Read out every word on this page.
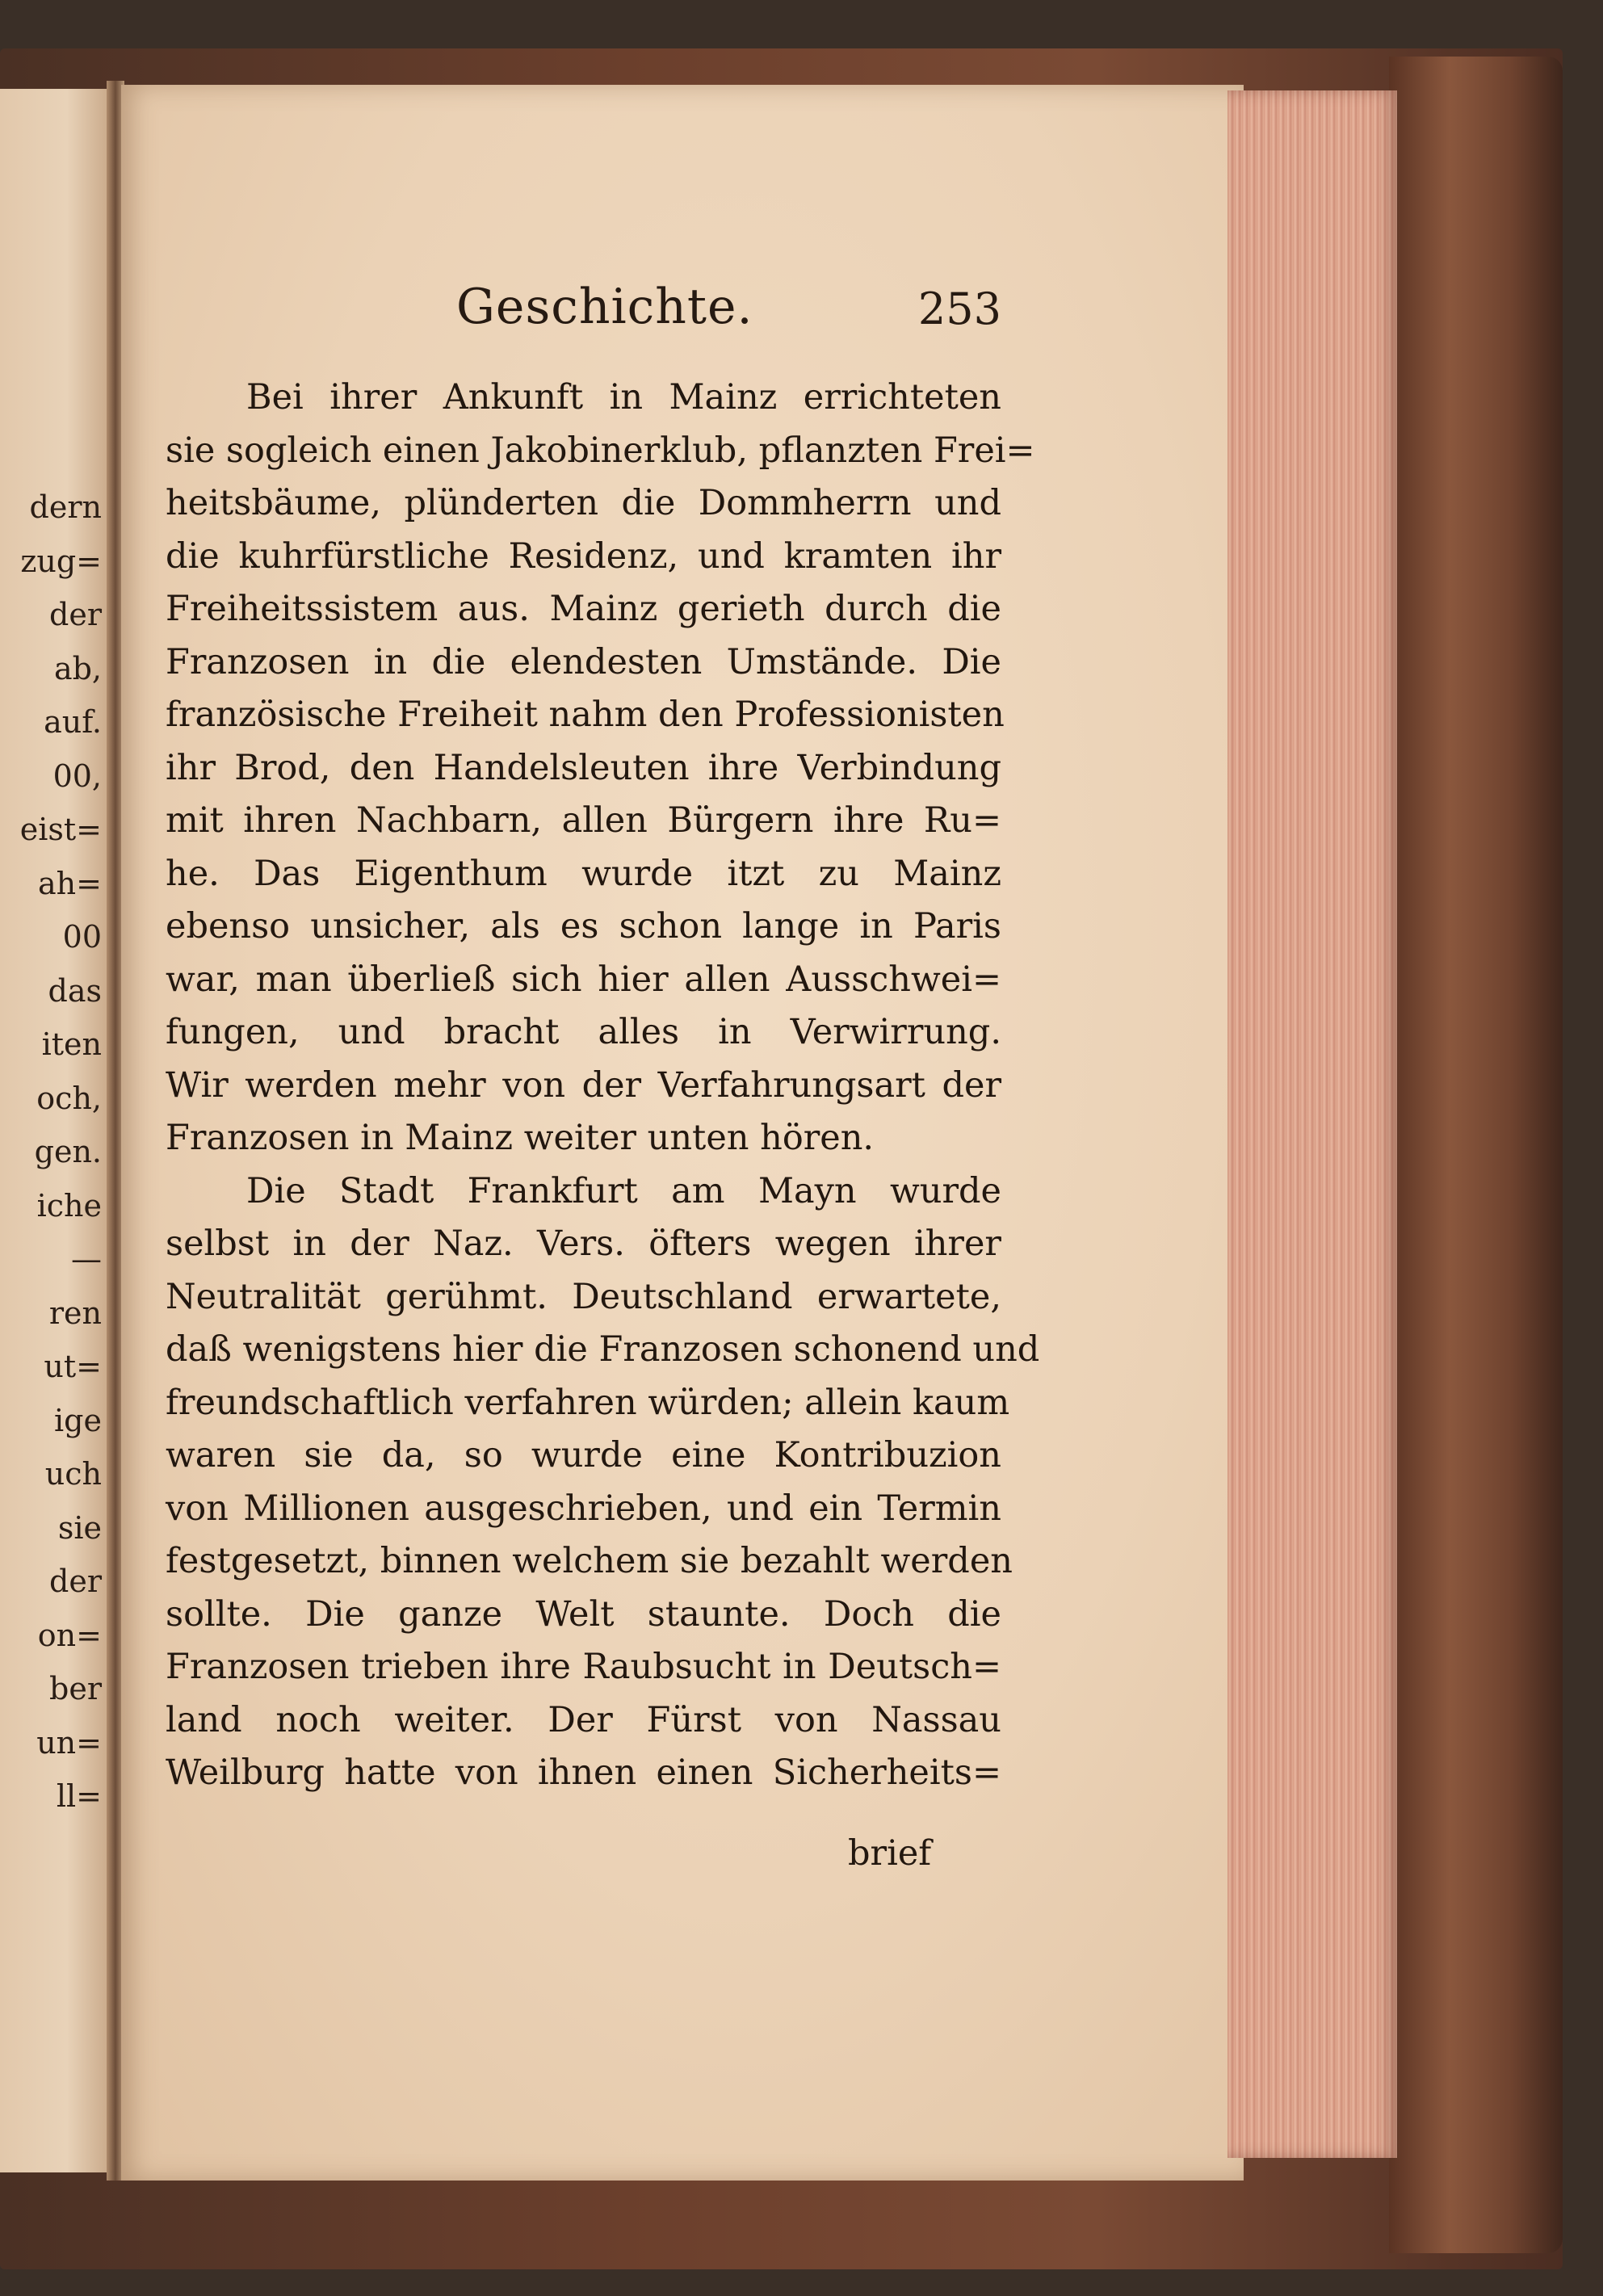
dern
zug=
der
ab,
auf.
00,
eist=
ah=
00
das
iten
och,
gen.
iche
—
ren
ut=
ige
uch
sie
der
on=
ber
un=
ll=
Geschichte.	253
Bei ihrer Ankunft in Mainz errichteten
sie sogleich einen Jakobinerklub, pflanzten Frei=
heitsbäume, plünderten die Dommherrn und
die kuhrfürstliche Residenz, und kramten ihr
Freiheitssistem aus. Mainz gerieth durch die
Franzosen in die elendesten Umstände. Die
französische Freiheit nahm den Professionisten
ihr Brod, den Handelsleuten ihre Verbindung
mit ihren Nachbarn, allen Bürgern ihre Ru=
he. Das Eigenthum wurde itzt zu Mainz
ebenso unsicher, als es schon lange in Paris
war, man überließ sich hier allen Ausschwei=
fungen, und bracht alles in Verwirrung.
Wir werden mehr von der Verfahrungsart der
Franzosen in Mainz weiter unten hören.
Die Stadt Frankfurt am Mayn wurde
selbst in der Naz. Vers. öfters wegen ihrer
Neutralität gerühmt. Deutschland erwartete,
daß wenigstens hier die Franzosen schonend und
freundschaftlich verfahren würden; allein kaum
waren sie da, so wurde eine Kontribuzion
von Millionen ausgeschrieben, und ein Termin
festgesetzt, binnen welchem sie bezahlt werden
sollte. Die ganze Welt staunte. Doch die
Franzosen trieben ihre Raubsucht in Deutsch=
land noch weiter. Der Fürst von Nassau
Weilburg hatte von ihnen einen Sicherheits=
brief
